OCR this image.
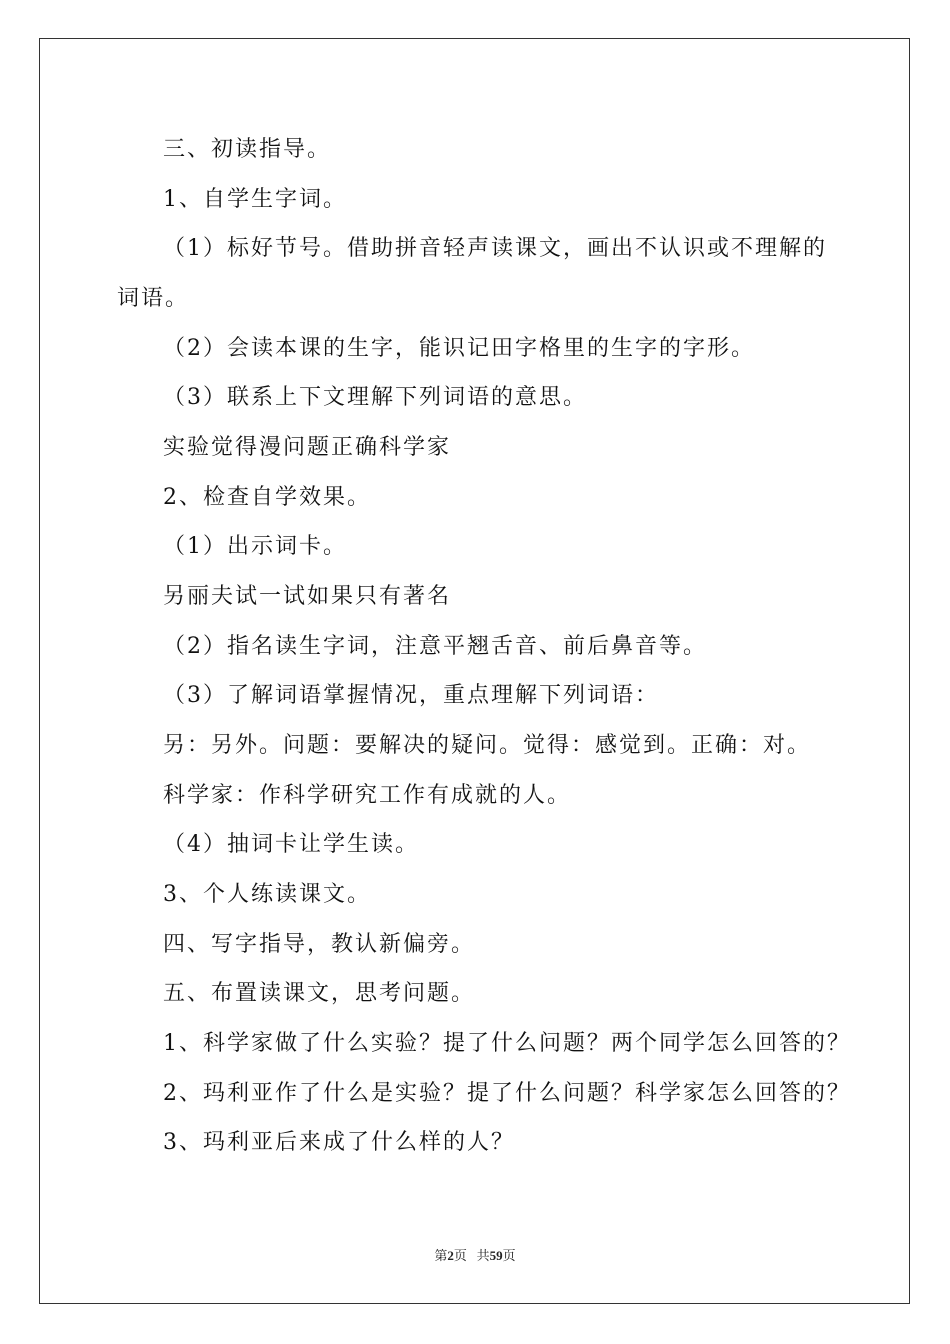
三、初读指导。
1、自学生字词。
（1）标好节号。借助拼音轻声读课文，画出不认识或不理解的
词语。
（2）会读本课的生字，能识记田字格里的生字的字形。
（3）联系上下文理解下列词语的意思。
实验觉得漫问题正确科学家
2、检查自学效果。
（1）出示词卡。
另丽夫试一试如果只有著名
（2）指名读生字词，注意平翘舌音、前后鼻音等。
（3）了解词语掌握情况，重点理解下列词语：
另：另外。问题：要解决的疑问。觉得：感觉到。正确：对。
科学家：作科学研究工作有成就的人。
（4）抽词卡让学生读。
3、个人练读课文。
四、写字指导，教认新偏旁。
五、布置读课文，思考问题。
1、科学家做了什么实验？提了什么问题？两个同学怎么回答的？
2、玛利亚作了什么是实验？提了什么问题？科学家怎么回答的？
3、玛利亚后来成了什么样的人？
第2页 共59页
